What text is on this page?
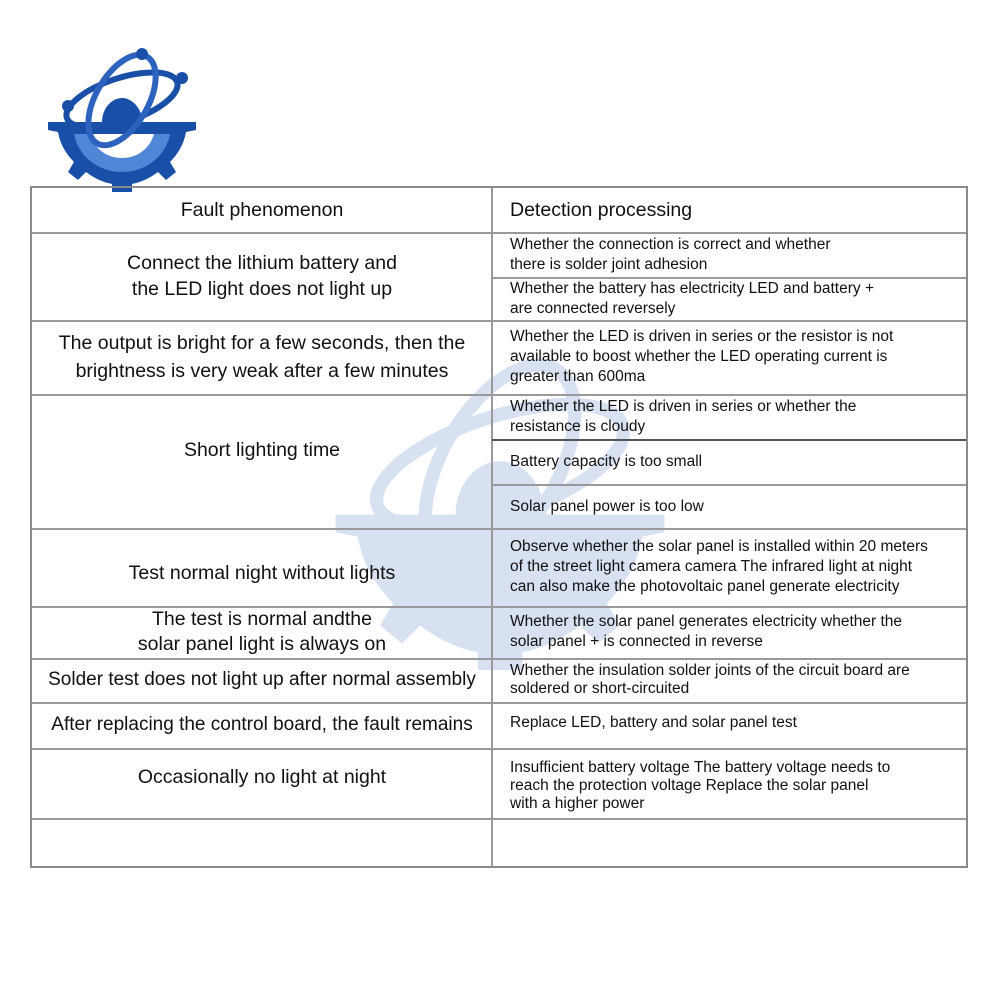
Fault phenomenon	Detection processing
Connect the lithium battery and
the LED light does not light up
Whether the connection is correct and whether
there is solder joint adhesion
Whether the battery has electricity LED and battery +
are connected reversely
The output is bright for a few seconds, then the
brightness is very weak after a few minutes
Whether the LED is driven in series or the resistor is not
available to boost whether the LED operating current is
greater than 600ma
Short lighting time
Whether the LED is driven in series or whether the
resistance is cloudy
Battery capacity is too small
Solar panel power is too low
Test normal night without lights
Observe whether the solar panel is installed within 20 meters
of the street light camera camera The infrared light at night
can also make the photovoltaic panel generate electricity
The test is normal andthe
solar panel light is always on
Whether the solar panel generates electricity whether the
solar panel + is connected in reverse
Solder test does not light up after normal assembly Whether the insulation solder joints of the circuit board are
soldered or short-circuited
After replacing the control board, the fault remains Replace LED, battery and solar panel test
Occasionally no light at night	Insufficient battery voltage The battery voltage needs to
reach the protection voltage Replace the solar panel
with a higher power
